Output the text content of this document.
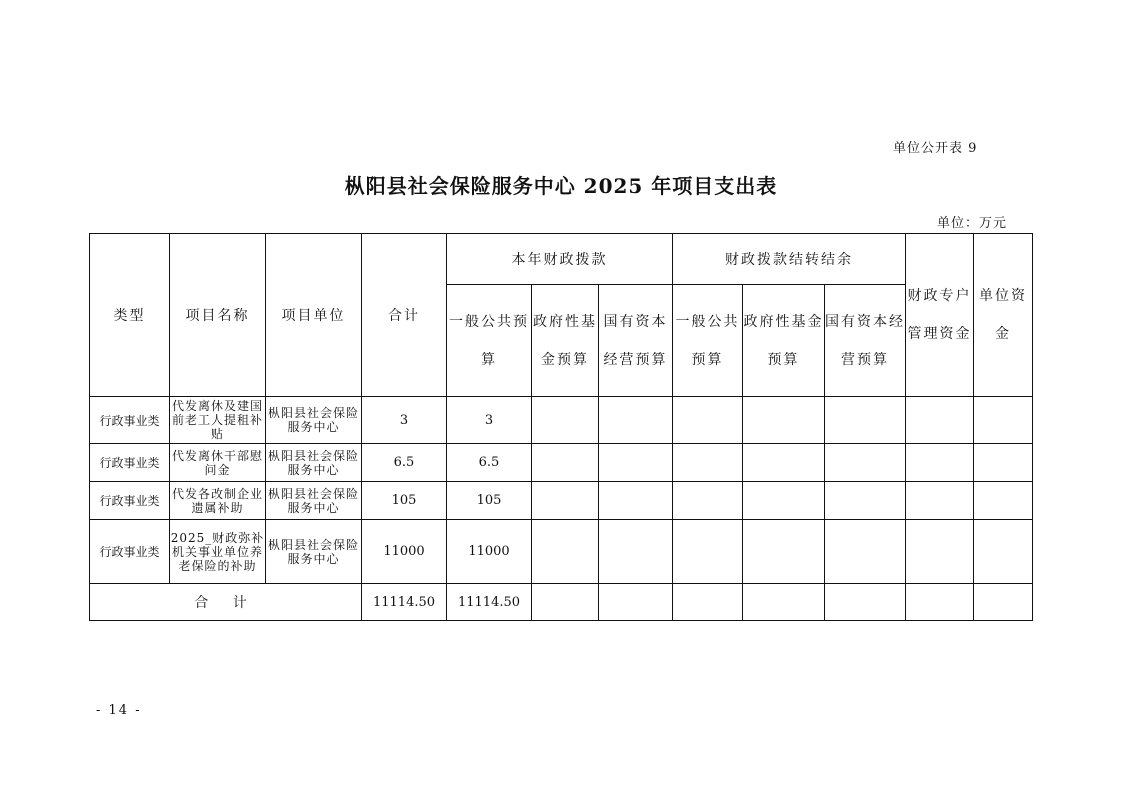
单位公开表 9
枞阳县社会保险服务中心 2025 年项目支出表
单位：万元
类型	项目名称	项目单位	合计	本年财政拨款			财政拨款结转结余			财政专户管理资金	单位资金
				一般公共预算	政府性基金预算	国有资本经营预算	一般公共预算	政府性基金预算	国有资本经营预算		
行政事业类	代发离休及建国前老工人提租补贴	枞阳县社会保险服务中心	3	3							
行政事业类	代发离休干部慰问金	枞阳县社会保险服务中心	6.5	6.5							
行政事业类	代发各改制企业遗属补助	枞阳县社会保险服务中心	105	105							
行政事业类	2025_财政弥补机关事业单位养老保险的补助	枞阳县社会保险服务中心	11000	11000							
合 计			11114.50	11114.50							
- 14 -
